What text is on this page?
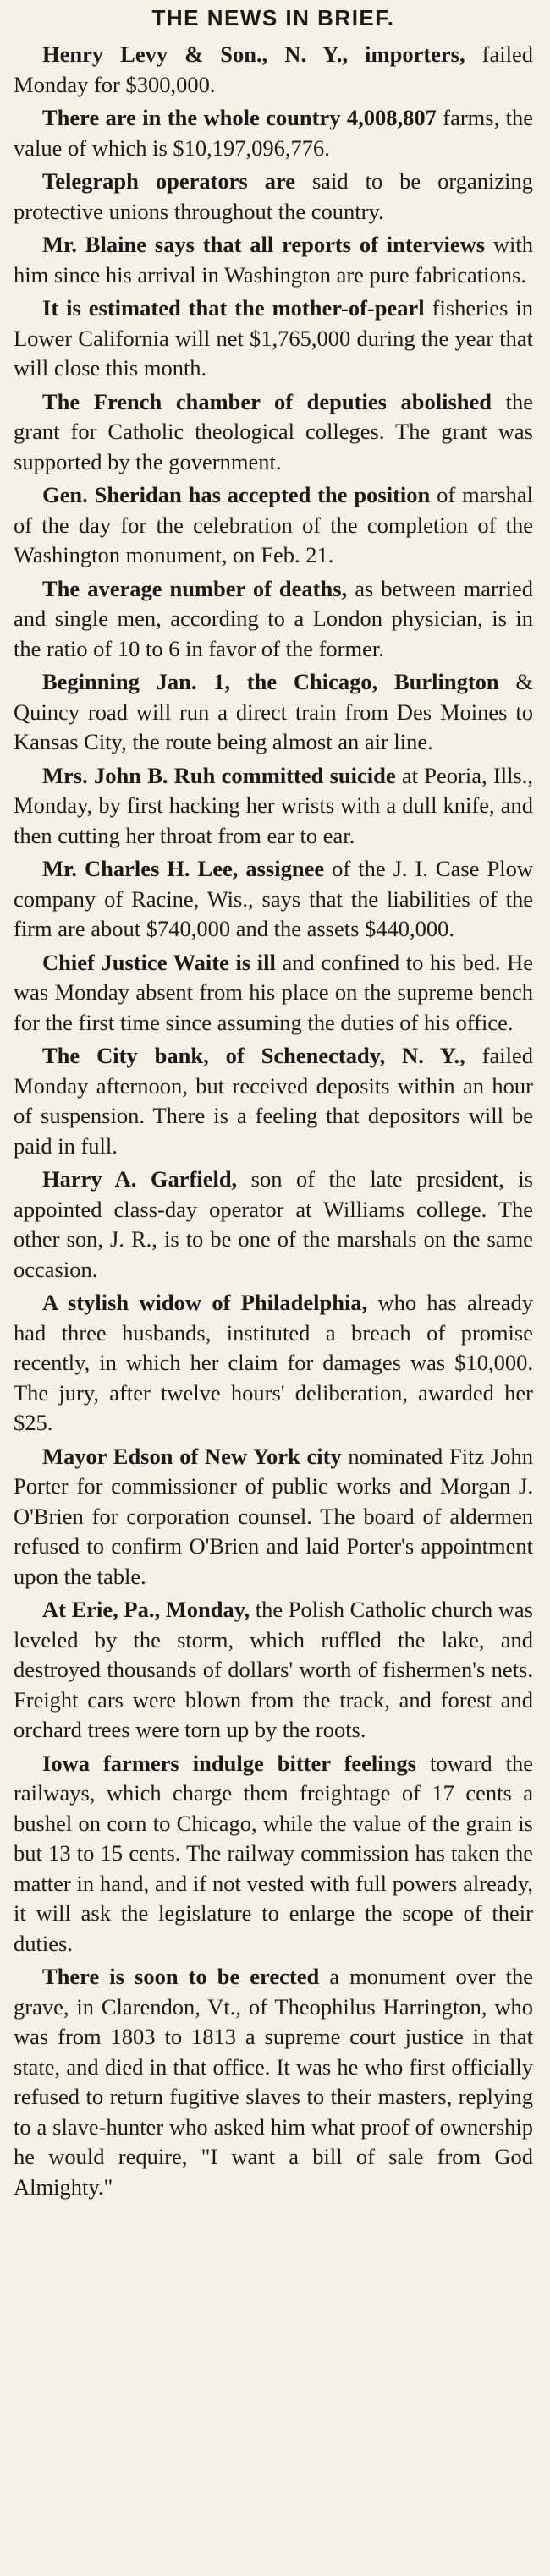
THE NEWS IN BRIEF.

Henry Levy & Son., N. Y., importers, failed Monday for $300,000.

There are in the whole country 4,008,807 farms, the value of which is $10,197,096,776.

Telegraph operators are said to be organizing protective unions throughout the country.

Mr. Blaine says that all reports of interviews with him since his arrival in Washington are pure fabrications.

It is estimated that the mother-of-pearl fisheries in Lower California will net $1,765,000 during the year that will close this month.

The French chamber of deputies abolished the grant for Catholic theological colleges. The grant was supported by the government.

Gen. Sheridan has accepted the position of marshal of the day for the celebration of the completion of the Washington monument, on Feb. 21.

The average number of deaths, as between married and single men, according to a London physician, is in the ratio of 10 to 6 in favor of the former.

Beginning Jan. 1, the Chicago, Burlington & Quincy road will run a direct train from Des Moines to Kansas City, the route being almost an air line.

Mrs. John B. Ruh committed suicide at Peoria, Ills., Monday, by first hacking her wrists with a dull knife, and then cutting her throat from ear to ear.

Mr. Charles H. Lee, assignee of the J. I. Case Plow company of Racine, Wis., says that the liabilities of the firm are about $740,000 and the assets $440,000.

Chief Justice Waite is ill and confined to his bed. He was Monday absent from his place on the supreme bench for the first time since assuming the duties of his office.

The City bank, of Schenectady, N. Y., failed Monday afternoon, but received deposits within an hour of suspension. There is a feeling that depositors will be paid in full.

Harry A. Garfield, son of the late president, is appointed class-day operator at Williams college. The other son, J. R., is to be one of the marshals on the same occasion.

A stylish widow of Philadelphia, who has already had three husbands, instituted a breach of promise recently, in which her claim for damages was $10,000. The jury, after twelve hours' deliberation, awarded her $25.

Mayor Edson of New York city nominated Fitz John Porter for commissioner of public works and Morgan J. O'Brien for corporation counsel. The board of aldermen refused to confirm O'Brien and laid Porter's appointment upon the table.

At Erie, Pa., Monday, the Polish Catholic church was leveled by the storm, which ruffled the lake, and destroyed thousands of dollars' worth of fishermen's nets. Freight cars were blown from the track, and forest and orchard trees were torn up by the roots.

Iowa farmers indulge bitter feelings toward the railways, which charge them freightage of 17 cents a bushel on corn to Chicago, while the value of the grain is but 13 to 15 cents. The railway commission has taken the matter in hand, and if not vested with full powers already, it will ask the legislature to enlarge the scope of their duties.

There is soon to be erected a monument over the grave, in Clarendon, Vt., of Theophilus Harrington, who was from 1803 to 1813 a supreme court justice in that state, and died in that office. It was he who first officially refused to return fugitive slaves to their masters, replying to a slave-hunter who asked him what proof of ownership he would require, "I want a bill of sale from God Almighty."
